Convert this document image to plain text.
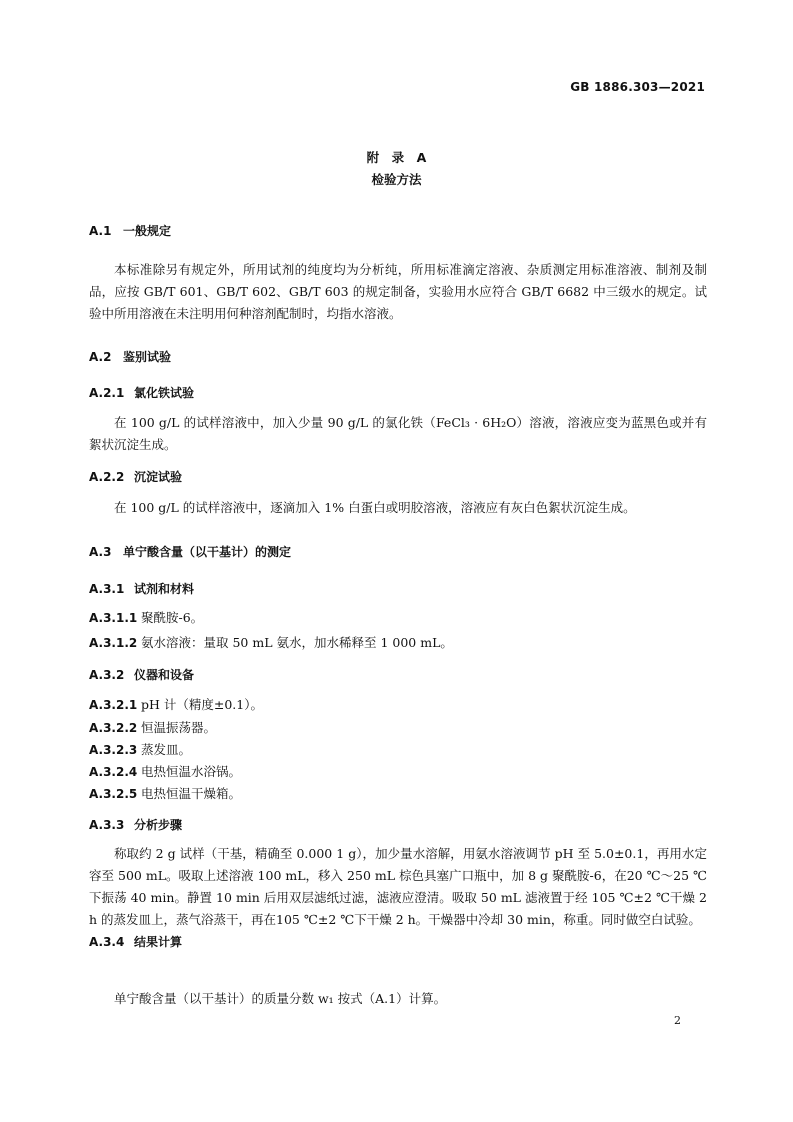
GB 1886.303—2021
附　录　A
检验方法
A.1 一般规定
本标准除另有规定外，所用试剂的纯度均为分析纯，所用标准滴定溶液、杂质测定用标准溶液、制剂及制品，应按 GB/T 601、GB/T 602、GB/T 603 的规定制备，实验用水应符合 GB/T 6682 中三级水的规定。试验中所用溶液在未注明用何种溶剂配制时，均指水溶液。
A.2 鉴别试验
A.2.1 氯化铁试验
在 100 g/L 的试样溶液中，加入少量 90 g/L 的氯化铁（FeCl₃ · 6H₂O）溶液，溶液应变为蓝黑色或并有絮状沉淀生成。
A.2.2 沉淀试验
在 100 g/L 的试样溶液中，逐滴加入 1% 白蛋白或明胶溶液，溶液应有灰白色絮状沉淀生成。
A.3 单宁酸含量（以干基计）的测定
A.3.1 试剂和材料
A.3.1.1 聚酰胺-6。
A.3.1.2 氨水溶液：量取 50 mL 氨水，加水稀释至 1 000 mL。
A.3.2 仪器和设备
A.3.2.1 pH 计（精度±0.1）。
A.3.2.2 恒温振荡器。
A.3.2.3 蒸发皿。
A.3.2.4 电热恒温水浴锅。
A.3.2.5 电热恒温干燥箱。
A.3.3 分析步骤
称取约 2 g 试样（干基，精确至 0.000 1 g），加少量水溶解，用氨水溶液调节 pH 至 5.0±0.1，再用水定容至 500 mL。吸取上述溶液 100 mL，移入 250 mL 棕色具塞广口瓶中，加 8 g 聚酰胺-6，在20 ℃～25 ℃下振荡 40 min。静置 10 min 后用双层滤纸过滤，滤液应澄清。吸取 50 mL 滤液置于经 105 ℃±2 ℃干燥 2 h 的蒸发皿上，蒸气浴蒸干，再在105 ℃±2 ℃下干燥 2 h。干燥器中冷却 30 min，称重。同时做空白试验。
A.3.4 结果计算
单宁酸含量（以干基计）的质量分数 w₁ 按式（A.1）计算。
2
